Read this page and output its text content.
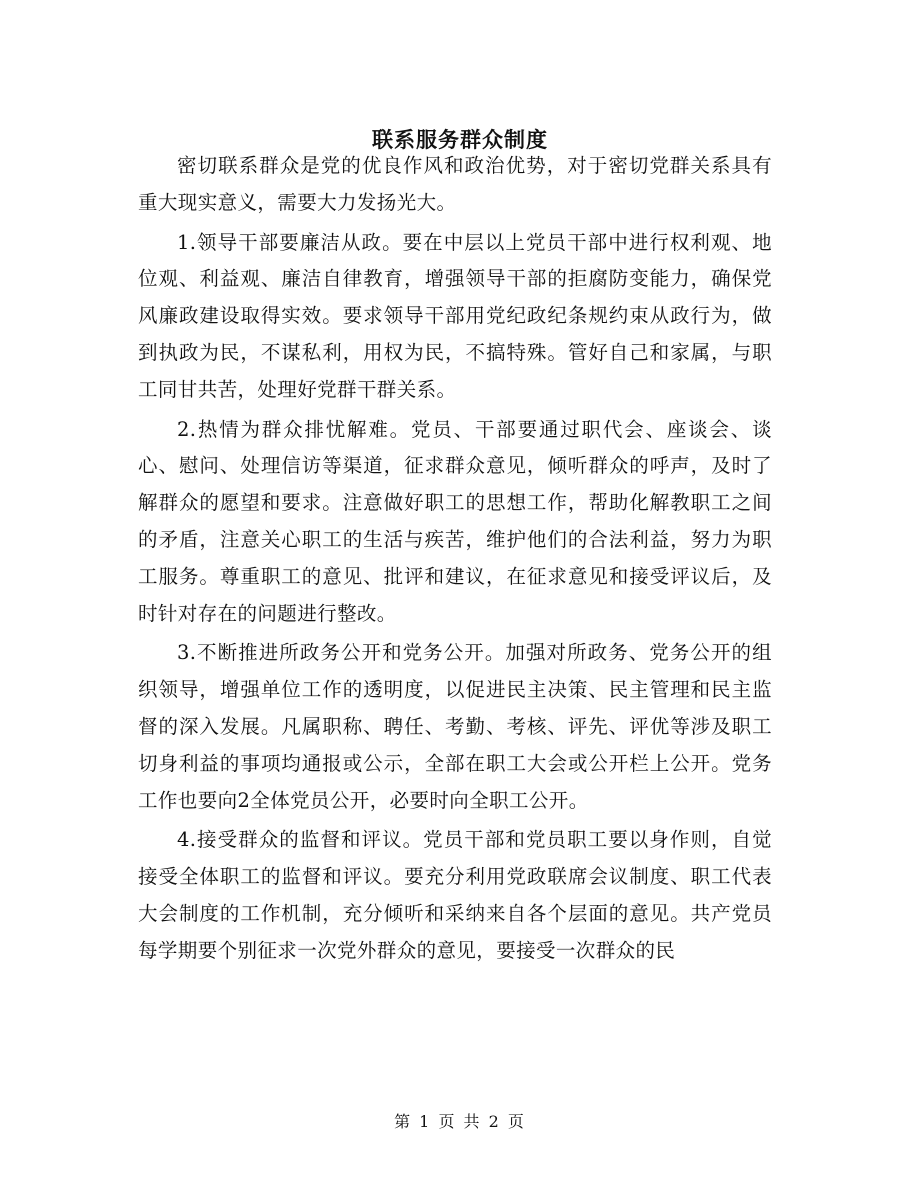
联系服务群众制度

密切联系群众是党的优良作风和政治优势，对于密切党群关系具有重大现实意义，需要大力发扬光大。

1.领导干部要廉洁从政。要在中层以上党员干部中进行权利观、地位观、利益观、廉洁自律教育，增强领导干部的拒腐防变能力，确保党风廉政建设取得实效。要求领导干部用党纪政纪条规约束从政行为，做到执政为民，不谋私利，用权为民，不搞特殊。管好自己和家属，与职工同甘共苦，处理好党群干群关系。

2.热情为群众排忧解难。党员、干部要通过职代会、座谈会、谈心、慰问、处理信访等渠道，征求群众意见，倾听群众的呼声，及时了解群众的愿望和要求。注意做好职工的思想工作，帮助化解教职工之间的矛盾，注意关心职工的生活与疾苦，维护他们的合法利益，努力为职工服务。尊重职工的意见、批评和建议，在征求意见和接受评议后，及时针对存在的问题进行整改。

3.不断推进所政务公开和党务公开。加强对所政务、党务公开的组织领导，增强单位工作的透明度，以促进民主决策、民主管理和民主监督的深入发展。凡属职称、聘任、考勤、考核、评先、评优等涉及职工切身利益的事项均通报或公示，全部在职工大会或公开栏上公开。党务工作也要向2全体党员公开，必要时向全职工公开。

4.接受群众的监督和评议。党员干部和党员职工要以身作则，自觉接受全体职工的监督和评议。要充分利用党政联席会议制度、职工代表大会制度的工作机制，充分倾听和采纳来自各个层面的意见。共产党员每学期要个别征求一次党外群众的意见，要接受一次群众的民

第 1 页 共 2 页
